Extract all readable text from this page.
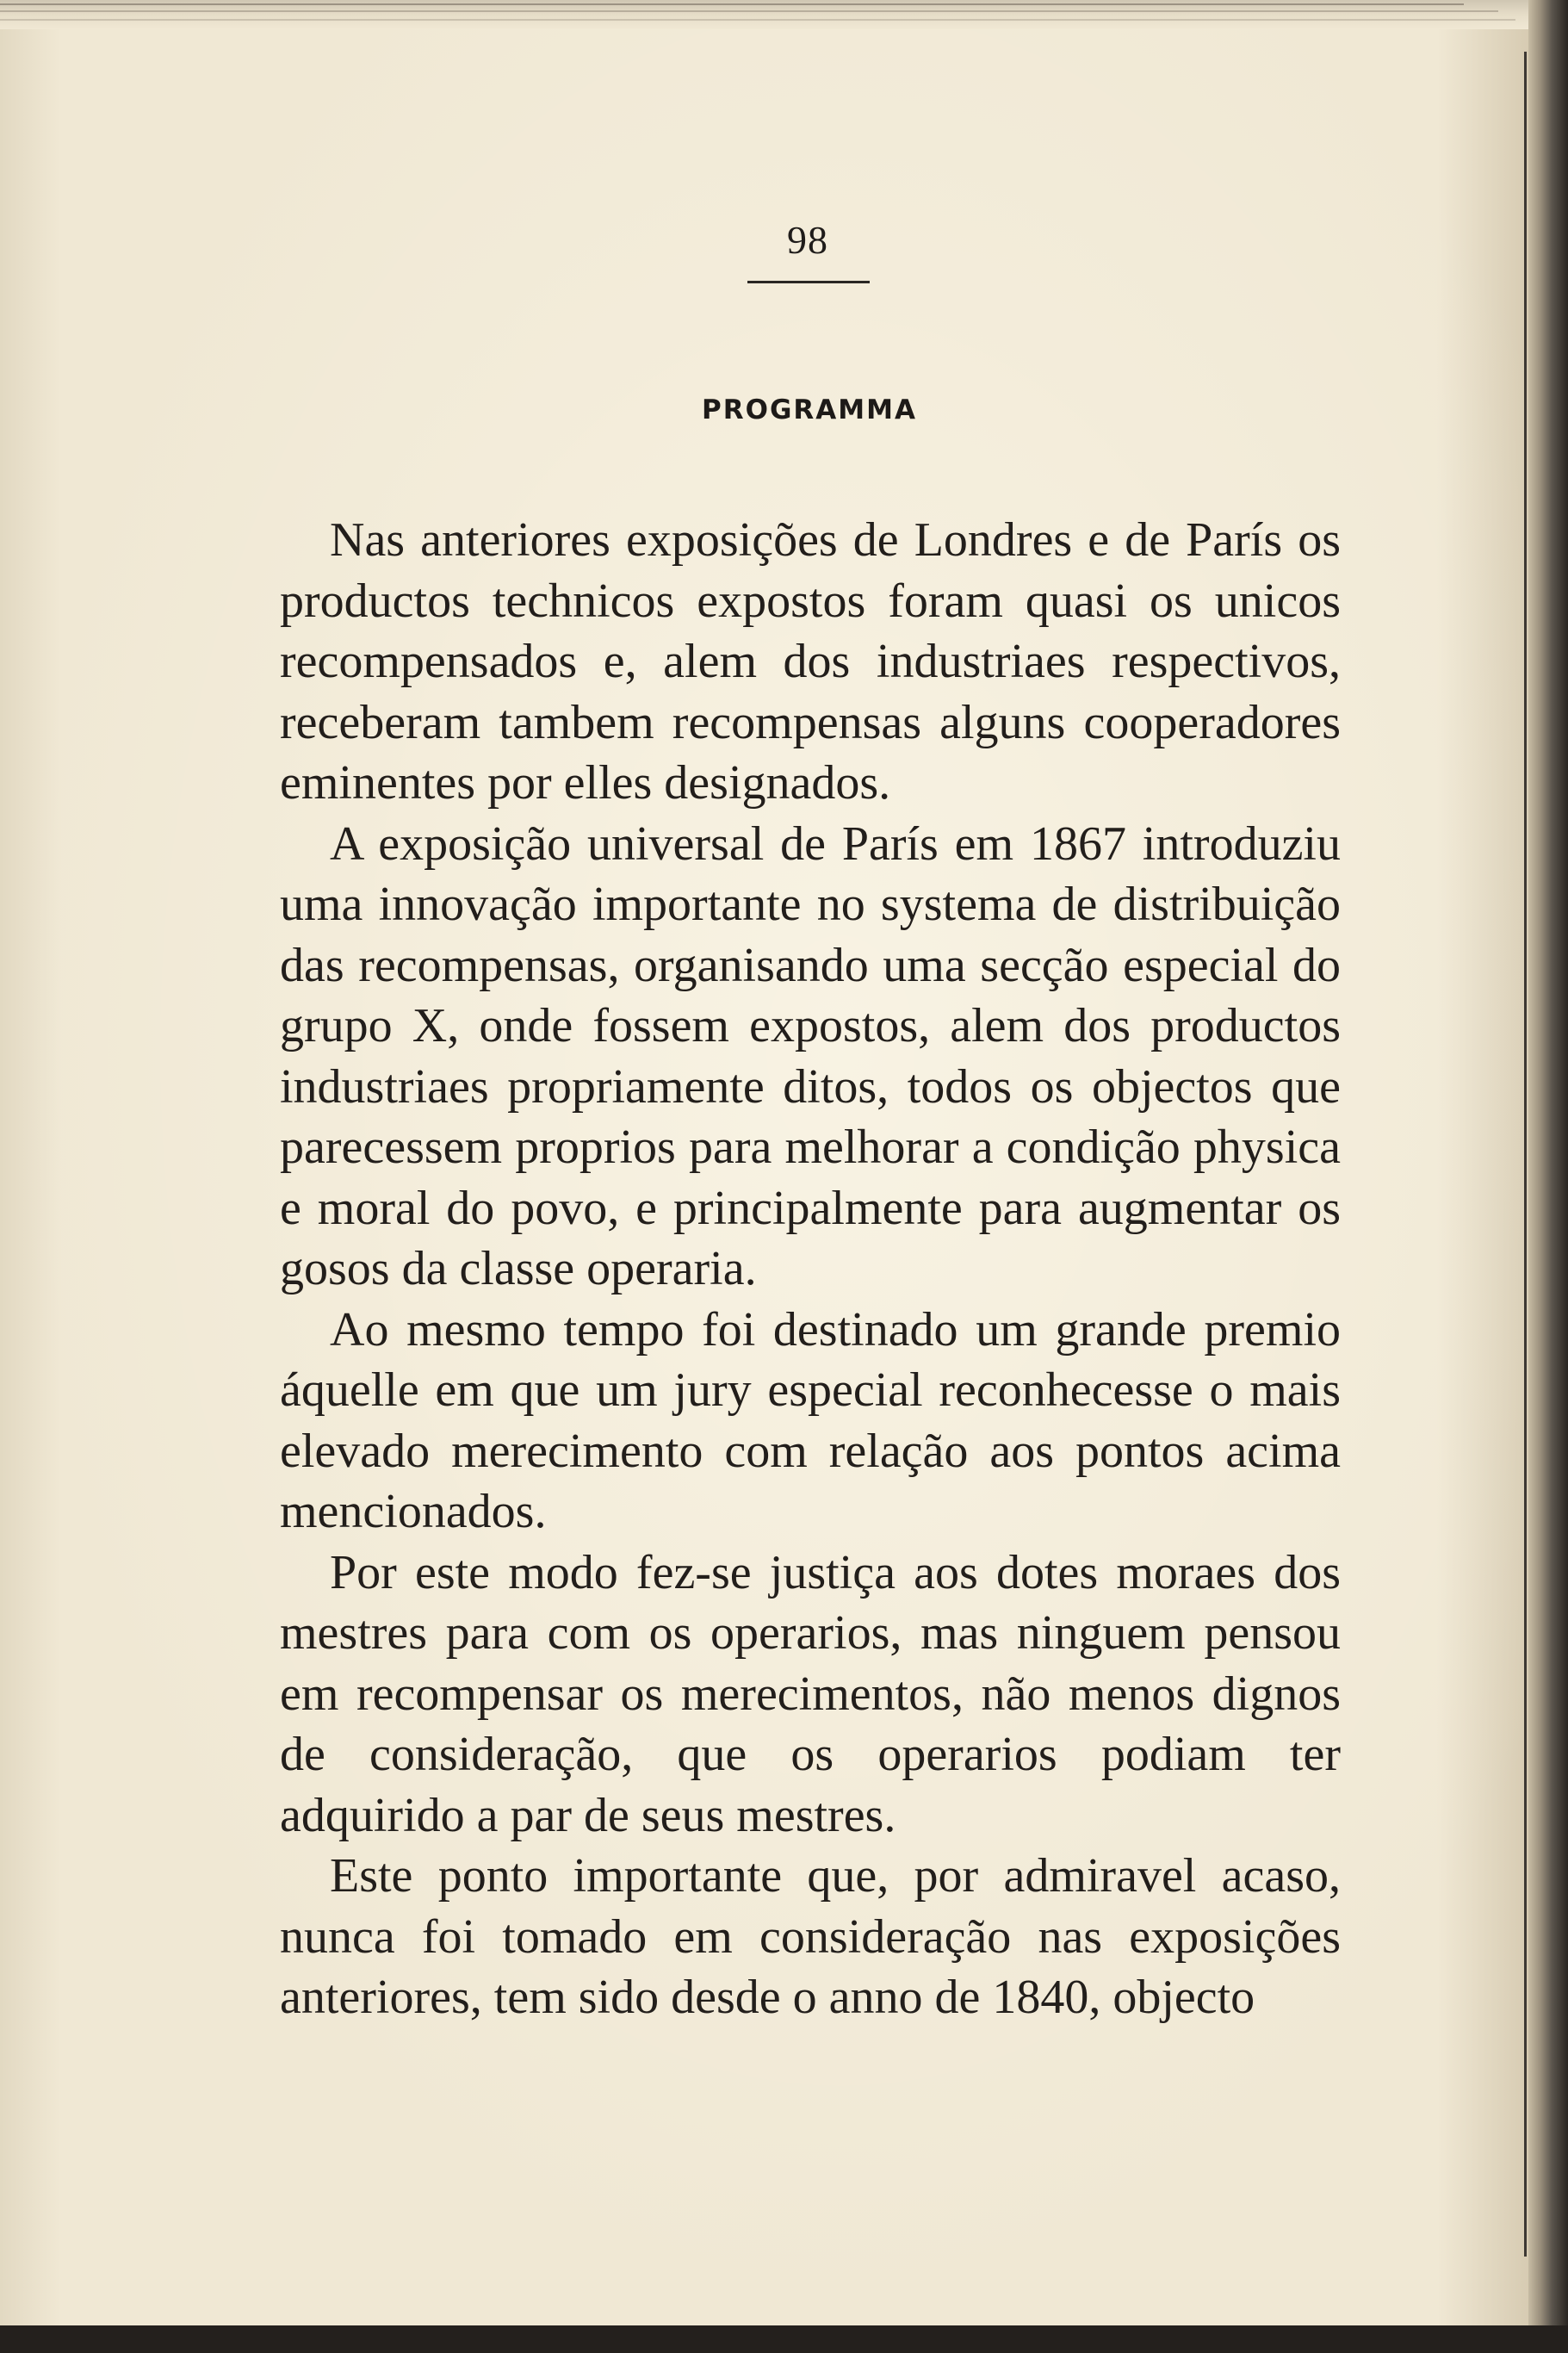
98
PROGRAMMA

Nas anteriores exposições de Londres e de París os productos technicos expostos foram quasi os unicos recompensados e, alem dos industriaes respectivos, receberam tambem recompensas alguns cooperadores eminentes por elles designados.

A exposição universal de París em 1867 introduziu uma innovação importante no systema de distribuição das recompensas, organisando uma secção especial do grupo X, onde fossem expostos, alem dos productos industriaes propriamente ditos, todos os objectos que parecessem proprios para melhorar a condição physica e moral do povo, e principalmente para augmentar os gosos da classe operaria.

Ao mesmo tempo foi destinado um grande premio áquelle em que um jury especial reconhecesse o mais elevado merecimento com relação aos pontos acima mencionados.

Por este modo fez-se justiça aos dotes moraes dos mestres para com os operarios, mas ninguem pensou em recompensar os merecimentos, não menos dignos de consideração, que os operarios podiam ter adquirido a par de seus mestres.

Este ponto importante que, por admiravel acaso, nunca foi tomado em consideração nas exposições anteriores, tem sido desde o anno de 1840, objecto
